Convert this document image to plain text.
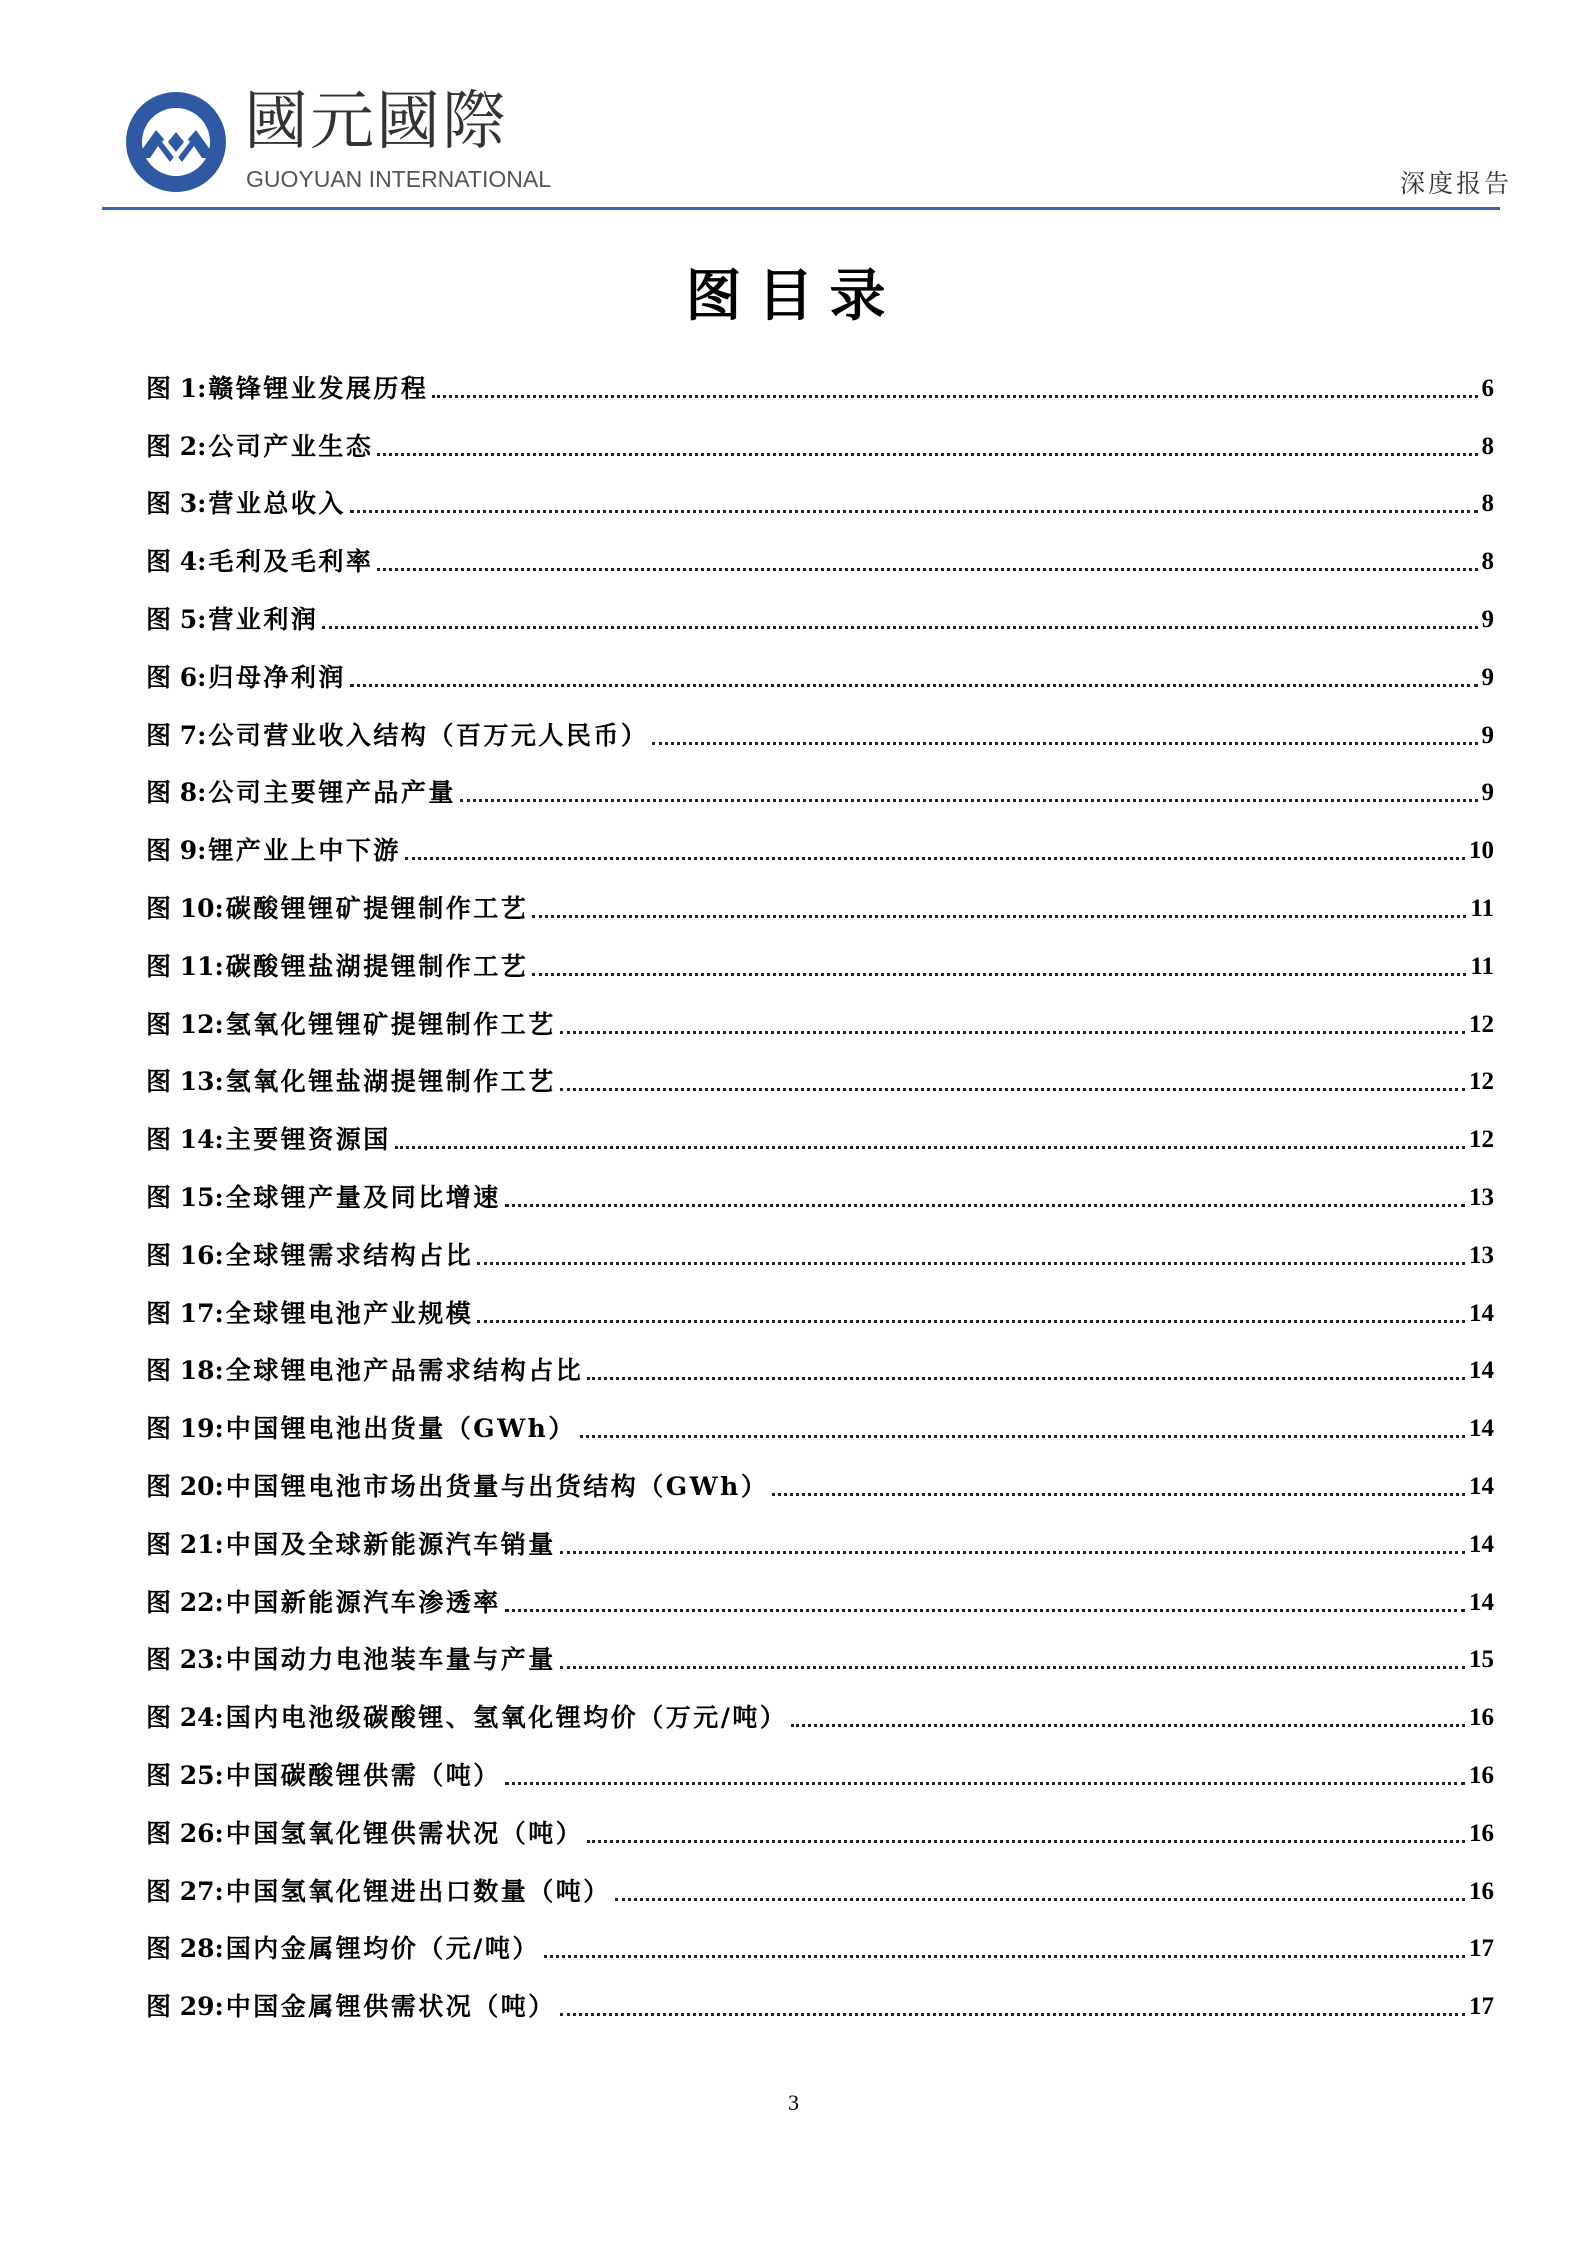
國元國際
GUOYUAN INTERNATIONAL	深度报告
图目录
图 1: 赣锋锂业发展历程	6
图 2: 公司产业生态	8
图 3: 营业总收入	8
图 4: 毛利及毛利率	8
图 5: 营业利润	9
图 6: 归母净利润	9
图 7: 公司营业收入结构（百万元人民币）	9
图 8: 公司主要锂产品产量	9
图 9: 锂产业上中下游	10
图 10: 碳酸锂锂矿提锂制作工艺	11
图 11: 碳酸锂盐湖提锂制作工艺	11
图 12: 氢氧化锂锂矿提锂制作工艺	12
图 13: 氢氧化锂盐湖提锂制作工艺	12
图 14: 主要锂资源国	12
图 15: 全球锂产量及同比增速	13
图 16: 全球锂需求结构占比	13
图 17: 全球锂电池产业规模	14
图 18: 全球锂电池产品需求结构占比	14
图 19: 中国锂电池出货量（GWh）	14
图 20: 中国锂电池市场出货量与出货结构（GWh）	14
图 21: 中国及全球新能源汽车销量	14
图 22: 中国新能源汽车渗透率	14
图 23: 中国动力电池装车量与产量	15
图 24: 国内电池级碳酸锂、氢氧化锂均价（万元/吨）	16
图 25: 中国碳酸锂供需（吨）	16
图 26: 中国氢氧化锂供需状况（吨）	16
图 27: 中国氢氧化锂进出口数量（吨）	16
图 28: 国内金属锂均价（元/吨）	17
图 29: 中国金属锂供需状况（吨）	17
3
